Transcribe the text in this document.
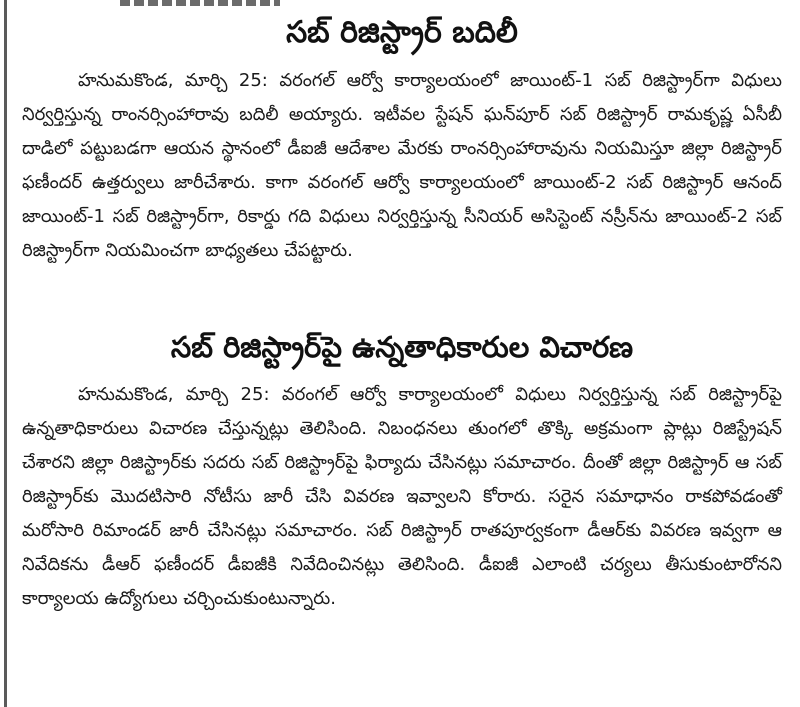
సబ్ రిజిస్ట్రార్ బదిలీ

హనుమకొండ, మార్చి 25: వరంగల్ ఆర్వో కార్యాలయంలో జాయింట్-1 సబ్ రిజిస్ట్రార్‌గా విధులు నిర్వర్తిస్తున్న రాంనర్సింహారావు బదిలీ అయ్యారు. ఇటీవల స్టేషన్ ఘన్‌పూర్ సబ్ రిజిస్ట్రార్ రామకృష్ణ ఏసీబీ దాడిలో పట్టుబడగా ఆయన స్థానంలో డీఐజీ ఆదేశాల మేరకు రాంనర్సింహారావును నియమిస్తూ జిల్లా రిజిస్ట్రార్ ఫణీందర్ ఉత్తర్వులు జారీచేశారు. కాగా వరంగల్ ఆర్వో కార్యాలయంలో జాయింట్-2 సబ్ రిజిస్ట్రార్ ఆనంద్ జాయింట్-1 సబ్ రిజిస్ట్రార్‌గా, రికార్డు గది విధులు నిర్వర్తిస్తున్న సీనియర్ అసిస్టెంట్ నస్రీన్‌ను జాయింట్-2 సబ్ రిజిస్ట్రార్‌గా నియమించగా బాధ్యతలు చేపట్టారు.

సబ్ రిజిస్ట్రార్‌పై ఉన్నతాధికారుల విచారణ

హనుమకొండ, మార్చి 25: వరంగల్ ఆర్వో కార్యాలయంలో విధులు నిర్వర్తిస్తున్న సబ్ రిజిస్ట్రార్‌పై ఉన్నతాధికారులు విచారణ చేస్తున్నట్లు తెలిసింది. నిబంధనలు తుంగలో తొక్కి అక్రమంగా ప్లాట్లు రిజిస్ట్రేషన్ చేశారని జిల్లా రిజిస్ట్రార్‌కు సదరు సబ్ రిజిస్ట్రార్‌పై ఫిర్యాదు చేసినట్లు సమాచారం. దీంతో జిల్లా రిజిస్ట్రార్ ఆ సబ్ రిజిస్ట్రార్‌కు మొదటిసారి నోటీసు జారీ చేసి వివరణ ఇవ్వాలని కోరారు. సరైన సమాధానం రాకపోవడంతో మరోసారి రిమాండర్ జారీ చేసినట్లు సమాచారం. సబ్ రిజిస్ట్రార్ రాతపూర్వకంగా డీఆర్‌కు వివరణ ఇవ్వగా ఆ నివేదికను డీఆర్ ఫణీందర్ డీఐజీకి నివేదించినట్లు తెలిసింది. డీఐజీ ఎలాంటి చర్యలు తీసుకుంటారోనని కార్యాలయ ఉద్యోగులు చర్చించుకుంటున్నారు.
